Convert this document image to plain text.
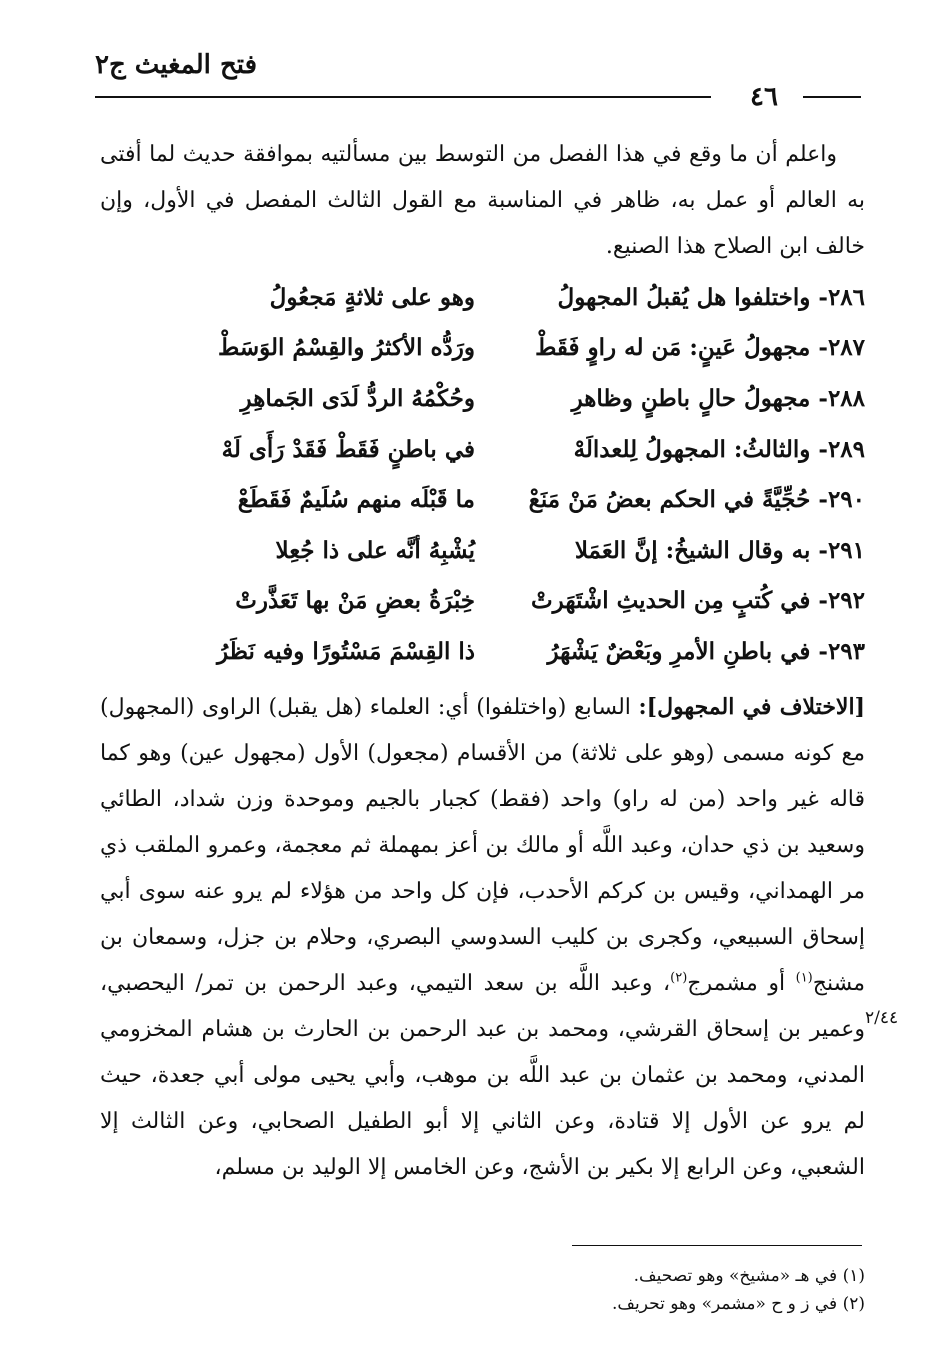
فتح المغيث ج٢
٤٦

واعلم أن ما وقع في هذا الفصل من التوسط بين مسألتيه بموافقة حديث لما أفتى به العالم أو عمل به، ظاهر في المناسبة مع القول الثالث المفصل في الأول، وإن خالف ابن الصلاح هذا الصنيع.

٢٨٦- واختلفوا هل يُقبلُ المجهولُ
وهو على ثلاثةٍ مَجعُولُ
٢٨٧- مجهولُ عَينٍ: مَن له راوٍ فَقَطْ
ورَدُّه الأكثرُ والقِسْمُ الوَسَطْ
٢٨٨- مجهولُ حالٍ باطنٍ وظاهرِ
وحُكْمُهُ الردُّ لَدَى الجَماهِرِ
٢٨٩- والثالثُ: المجهولُ لِلعدالَهْ
في باطنٍ فَقَطْ فَقَدْ رَأَى لَهْ
٢٩٠- حُجِّيَّةً في الحكم بعضُ مَنْ مَنَعْ
ما قَبْلَه منهم سُلَيمٌ فَقَطَعْ
٢٩١- به وقال الشيخُ: إنَّ العَمَلا
يُشْبِهُ أنَّه على ذا جُعِلا
٢٩٢- في كُتبٍ مِن الحديثِ اشْتَهَرتْ
خِبْرَةُ بعضِ مَنْ بها تَعَذَّرتْ
٢٩٣- في باطنِ الأمرِ وبَعْضٌ يَشْهَرُ
ذا القِسْمَ مَسْتُورًا وفيه نَظَرُ

[الاختلاف في المجهول]: السابع (واختلفوا) أي: العلماء (هل يقبل) الراوى (المجهول) مع كونه مسمى (وهو على ثلاثة) من الأقسام (مجعول) الأول (مجهول عين) وهو كما قاله غير واحد (من له راو) واحد (فقط) كجبار بالجيم وموحدة وزن شداد، الطائي وسعيد بن ذي حدان، وعبد اللَّه أو مالك بن أعز بمهملة ثم معجمة، وعمرو الملقب ذي مر الهمداني، وقيس بن كركم الأحدب، فإن كل واحد من هؤلاء لم يرو عنه سوى أبي إسحاق السبيعي، وكجرى بن كليب السدوسي البصري، وحلام بن جزل، وسمعان بن مشنج$^{(١)}$ أو مشمرج$^{(٢)}$، وعبد اللَّه بن سعد التيمي، وعبد الرحمن بن تمر/ اليحصبي، وعمير بن إسحاق القرشي، ومحمد بن عبد الرحمن بن الحارث بن هشام المخزومي المدني، ومحمد بن عثمان بن عبد اللَّه بن موهب، وأبي يحيى مولى أبي جعدة، حيث لم يرو عن الأول إلا قتادة، وعن الثاني إلا أبو الطفيل الصحابي، وعن الثالث إلا الشعبي، وعن الرابع إلا بكير بن الأشج، وعن الخامس إلا الوليد بن مسلم،

٢/٤٤
(١) في هـ «مشيخ» وهو تصحيف.
(٢) في ز و ح «مشمر» وهو تحريف.
